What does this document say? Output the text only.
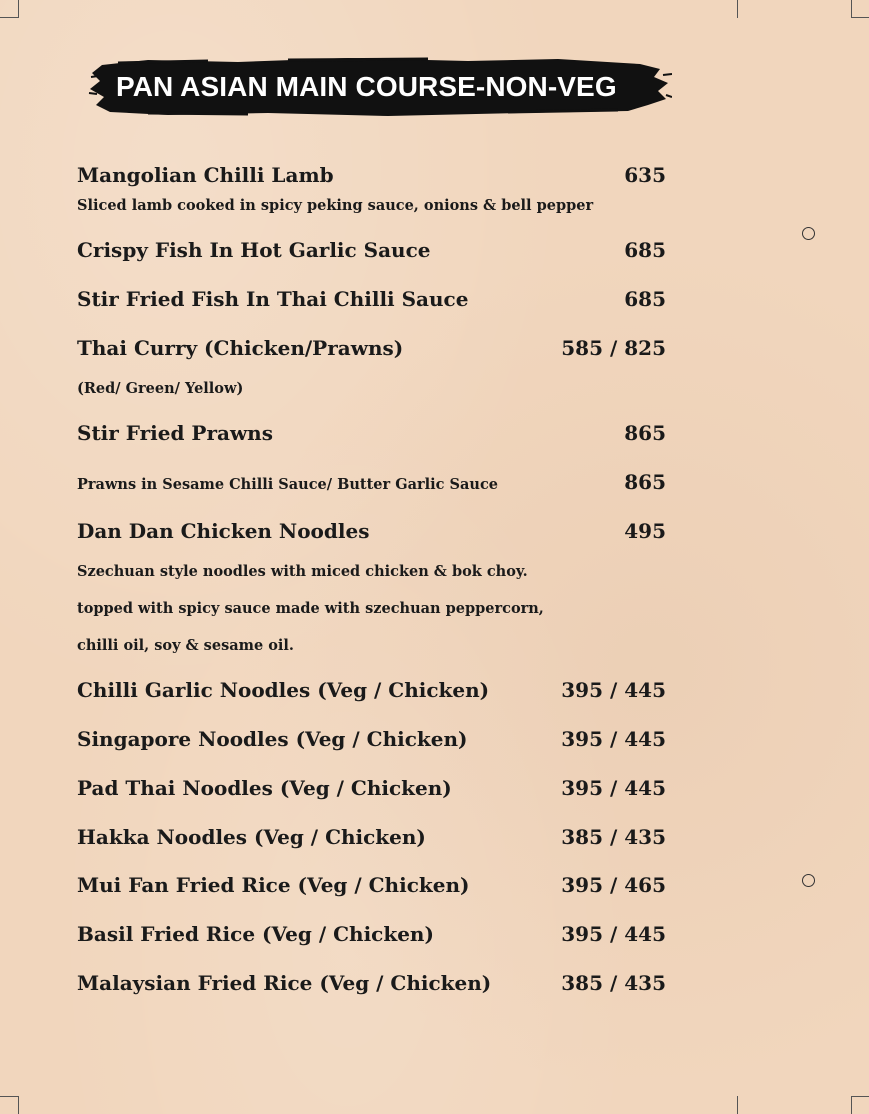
PAN ASIAN MAIN COURSE-NON-VEG
Mangolian Chilli Lamb	635
Sliced lamb cooked in spicy peking sauce, onions & bell pepper
Crispy Fish In Hot Garlic Sauce	685
Stir Fried Fish In Thai Chilli Sauce	685
Thai Curry (Chicken/Prawns)	585 / 825
(Red/ Green/ Yellow)
Stir Fried Prawns	865
Prawns in Sesame Chilli Sauce/ Butter Garlic Sauce	865
Dan Dan Chicken Noodles	495
Szechuan style noodles with miced chicken & bok choy.
topped with spicy sauce made with szechuan peppercorn,
chilli oil, soy & sesame oil.
Chilli Garlic Noodles (Veg / Chicken)	395 / 445
Singapore Noodles (Veg / Chicken)	395 / 445
Pad Thai Noodles (Veg / Chicken)	395 / 445
Hakka Noodles (Veg / Chicken)	385 / 435
Mui Fan Fried Rice (Veg / Chicken)	395 / 465
Basil Fried Rice (Veg / Chicken)	395 / 445
Malaysian Fried Rice (Veg / Chicken)	385 / 435
